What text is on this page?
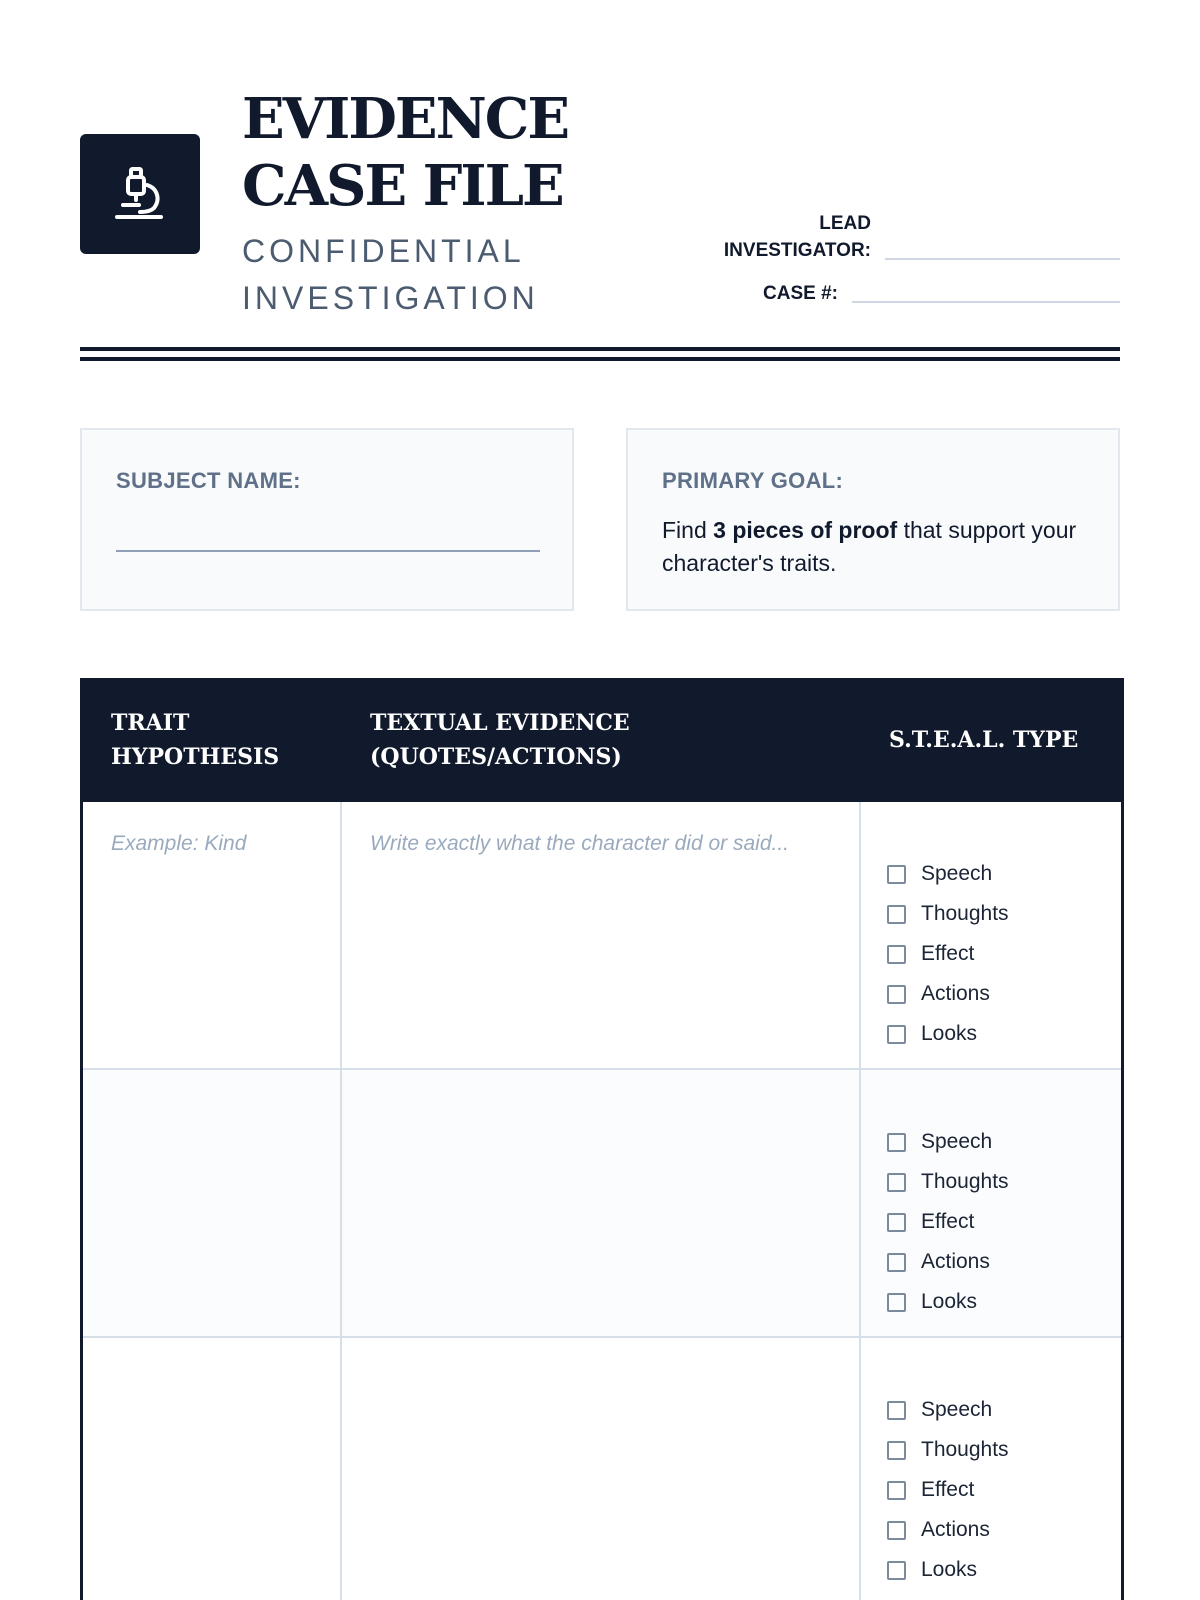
EVIDENCE CASE FILE
CONFIDENTIAL INVESTIGATION
LEAD INVESTIGATOR:
CASE #:
SUBJECT NAME:	PRIMARY GOAL:
Find 3 pieces of proof that support your character's traits.
TRAIT HYPOTHESIS
TEXTUAL EVIDENCE (QUOTES/ACTIONS)
S.T.E.A.L. TYPE
Example: Kind	Write exactly what the character did or said...
Speech
Thoughts
Effect
Actions
Looks
Speech
Thoughts
Effect
Actions
Looks
Speech
Thoughts
Effect
Actions
Looks
